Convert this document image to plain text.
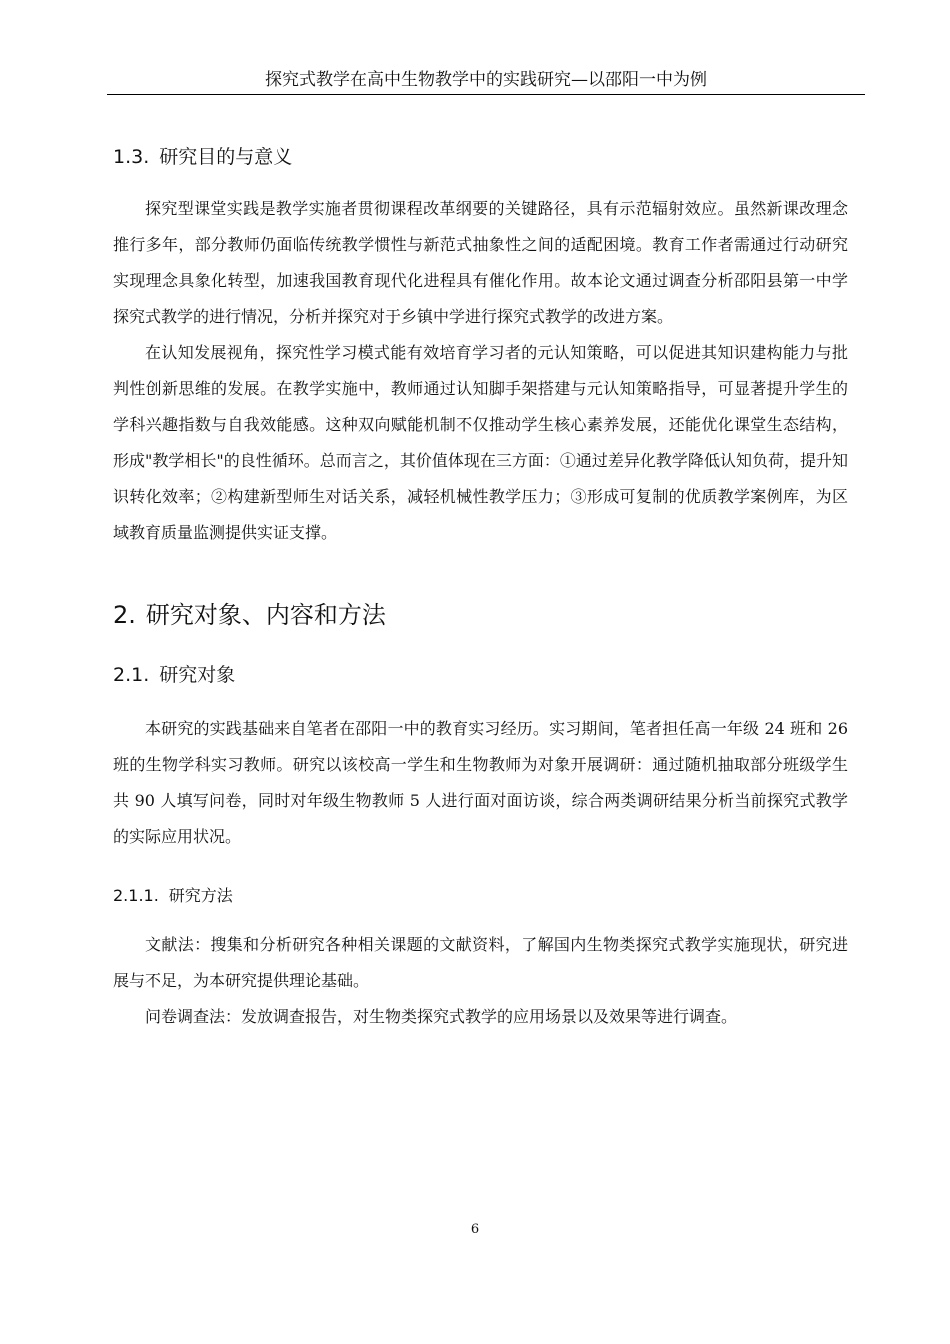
探究式教学在高中生物教学中的实践研究—以邵阳一中为例
1.3. 研究目的与意义

探究型课堂实践是教学实施者贯彻课程改革纲要的关键路径，具有示范辐射效应。虽然新课改理念推行多年，部分教师仍面临传统教学惯性与新范式抽象性之间的适配困境。教育工作者需通过行动研究实现理念具象化转型，加速我国教育现代化进程具有催化作用。故本论文通过调查分析邵阳县第一中学探究式教学的进行情况，分析并探究对于乡镇中学进行探究式教学的改进方案。

在认知发展视角，探究性学习模式能有效培育学习者的元认知策略，可以促进其知识建构能力与批判性创新思维的发展。在教学实施中，教师通过认知脚手架搭建与元认知策略指导，可显著提升学生的学科兴趣指数与自我效能感。这种双向赋能机制不仅推动学生核心素养发展，还能优化课堂生态结构，形成"教学相长"的良性循环。总而言之，其价值体现在三方面：①通过差异化教学降低认知负荷，提升知识转化效率；②构建新型师生对话关系，减轻机械性教学压力；③形成可复制的优质教学案例库，为区域教育质量监测提供实证支撑。

2. 研究对象、内容和方法
2.1. 研究对象

本研究的实践基础来自笔者在邵阳一中的教育实习经历。实习期间，笔者担任高一年级 24 班和 26 班的生物学科实习教师。研究以该校高一学生和生物教师为对象开展调研：通过随机抽取部分班级学生共 90 人填写问卷，同时对年级生物教师 5 人进行面对面访谈，综合两类调研结果分析当前探究式教学的实际应用状况。

2.1.1. 研究方法

文献法：搜集和分析研究各种相关课题的文献资料，了解国内生物类探究式教学实施现状，研究进展与不足，为本研究提供理论基础。

问卷调查法：发放调查报告，对生物类探究式教学的应用场景以及效果等进行调查。

6
